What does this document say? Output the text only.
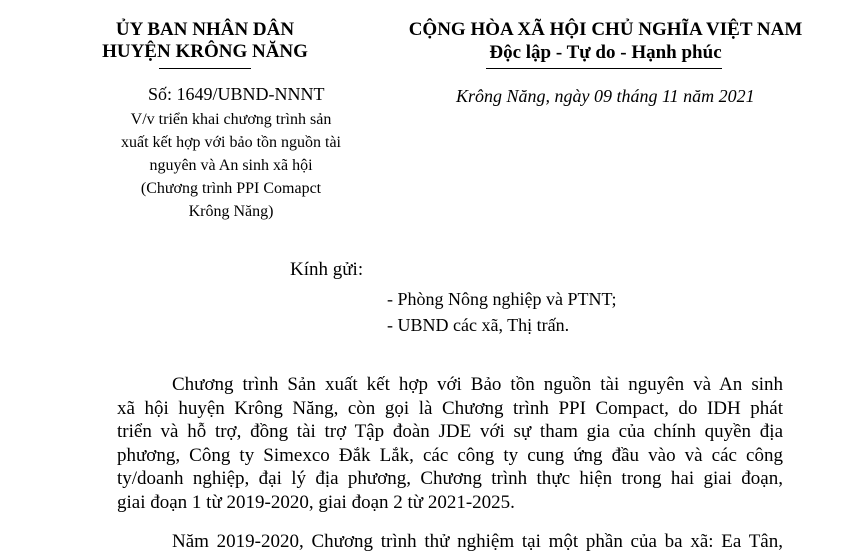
ỦY BAN NHÂN DÂN
HUYỆN KRÔNG NĂNG
CỘNG HÒA XÃ HỘI CHỦ NGHĨA VIỆT NAM
Độc lập - Tự do - Hạnh phúc
Số: 1649/UBND-NNNT
V/v triển khai chương trình sản
xuất kết hợp với bảo tồn nguồn tài
nguyên và An sinh xã hội
(Chương trình PPI Comapct
Krông Năng)
Krông Năng, ngày 09 tháng 11 năm 2021
Kính gửi:
- Phòng Nông nghiệp và PTNT;
- UBND các xã, Thị trấn.
Chương trình Sản xuất kết hợp với Bảo tồn nguồn tài nguyên và An sinh
xã hội huyện Krông Năng, còn gọi là Chương trình PPI Compact, do IDH phát
triển và hỗ trợ, đồng tài trợ Tập đoàn JDE với sự tham gia của chính quyền địa
phương, Công ty Simexco Đắk Lắk, các công ty cung ứng đầu vào và các công
ty/doanh nghiệp, đại lý địa phương, Chương trình thực hiện trong hai giai đoạn,
giai đoạn 1 từ 2019-2020, giai đoạn 2 từ 2021-2025.
Năm 2019-2020, Chương trình thử nghiệm tại một phần của ba xã: Ea Tân,
